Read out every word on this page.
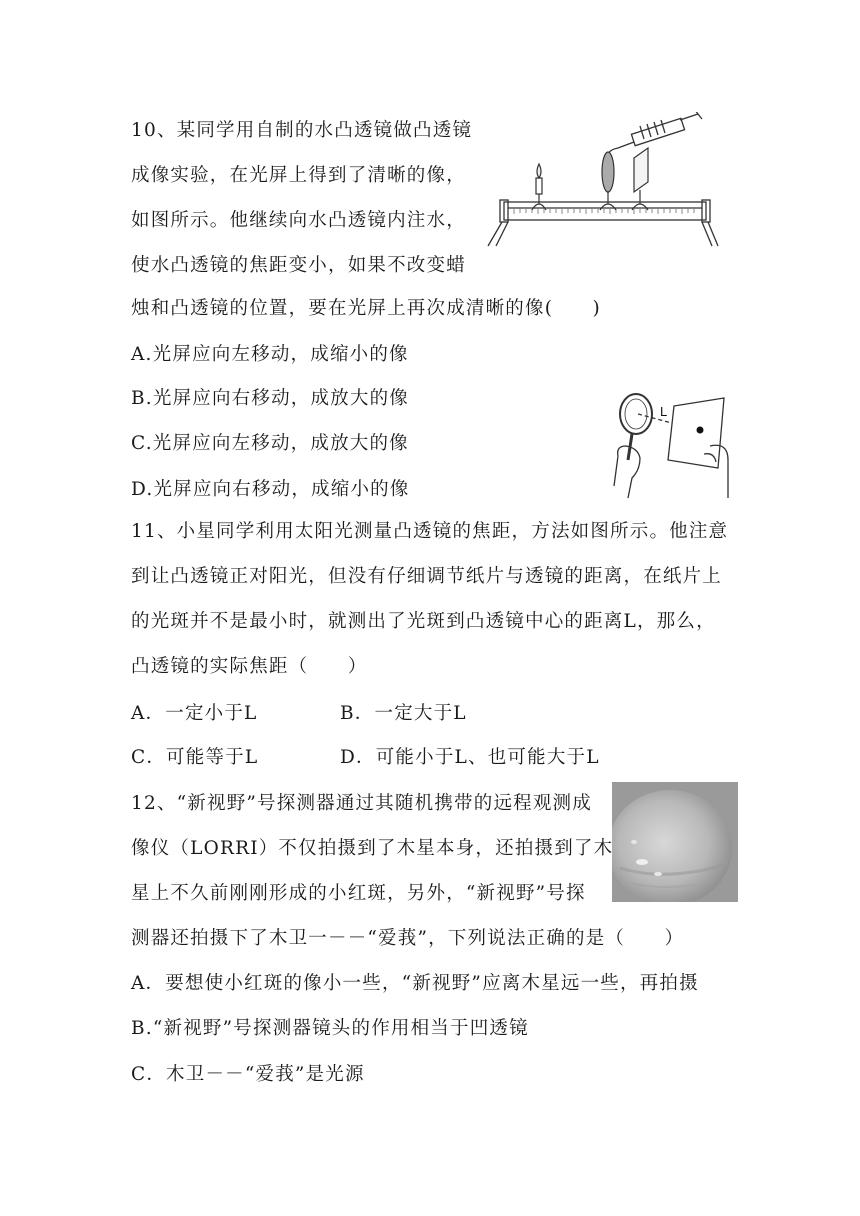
10、某同学用自制的水凸透镜做凸透镜
成像实验，在光屏上得到了清晰的像，
如图所示。他继续向水凸透镜内注水，
使水凸透镜的焦距变小，如果不改变蜡
烛和凸透镜的位置，要在光屏上再次成清晰的像(　　)
A.光屏应向左移动，成缩小的像
B.光屏应向右移动，成放大的像
C.光屏应向左移动，成放大的像
D.光屏应向右移动，成缩小的像
L
11、小星同学利用太阳光测量凸透镜的焦距，方法如图所示。他注意
到让凸透镜正对阳光，但没有仔细调节纸片与透镜的距离，在纸片上
的光斑并不是最小时，就测出了光斑到凸透镜中心的距离L，那么，
凸透镜的实际焦距（　　）
A．一定小于L	B．一定大于L
C．可能等于L	D．可能小于L、也可能大于L
12、“新视野”号探测器通过其随机携带的远程观测成
像仪（LORRI）不仅拍摄到了木星本身，还拍摄到了木
星上不久前刚刚形成的小红斑，另外，“新视野”号探
测器还拍摄下了木卫一－－“爱莪”，下列说法正确的是（　　）
A．要想使小红斑的像小一些，“新视野”应离木星远一些，再拍摄
B.“新视野”号探测器镜头的作用相当于凹透镜
C．木卫－－“爱莪”是光源
